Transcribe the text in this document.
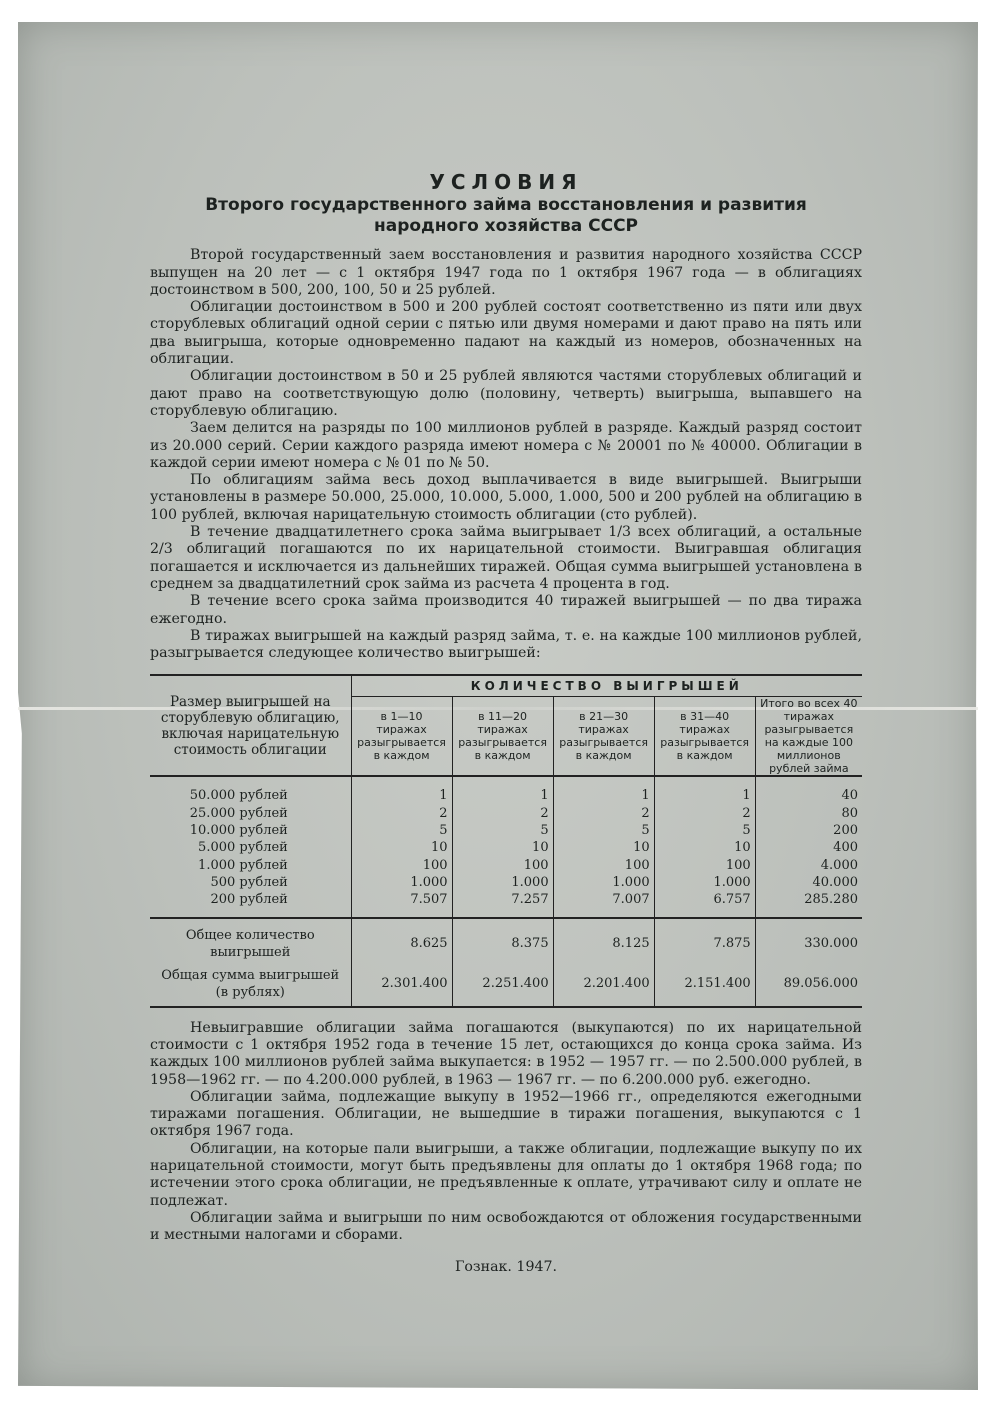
УСЛОВИЯ
Второго государственного займа восстановления и развития народного хозяйства СССР

Второй государственный заем восстановления и развития народного хозяйства СССР выпущен на 20 лет — с 1 октября 1947 года по 1 октября 1967 года — в облигациях достоинством в 500, 200, 100, 50 и 25 рублей.

Облигации достоинством в 500 и 200 рублей состоят соответственно из пяти или двух сторублевых облигаций одной серии с пятью или двумя номерами и дают право на пять или два выигрыша, которые одновременно падают на каждый из номеров, обозначенных на облигации.

Облигации достоинством в 50 и 25 рублей являются частями сторублевых облигаций и дают право на соответствующую долю (половину, четверть) выигрыша, выпавшего на сторублевую облигацию.

Заем делится на разряды по 100 миллионов рублей в разряде. Каждый разряд состоит из 20.000 серий. Серии каждого разряда имеют номера с № 20001 по № 40000. Облигации в каждой серии имеют номера с № 01 по № 50.

По облигациям займа весь доход выплачивается в виде выигрышей. Выигрыши установлены в размере 50.000, 25.000, 10.000, 5.000, 1.000, 500 и 200 рублей на облигацию в 100 рублей, включая нарицательную стоимость облигации (сто рублей).

В течение двадцатилетнего срока займа выигрывает 1/3 всех облигаций, а остальные 2/3 облигаций погашаются по их нарицательной стоимости. Выигравшая облигация погашается и исключается из дальнейших тиражей. Общая сумма выигрышей установлена в среднем за двадцатилетний срок займа из расчета 4 процента в год.

В течение всего срока займа производится 40 тиражей выигрышей — по два тиража ежегодно.

В тиражах выигрышей на каждый разряд займа, т. е. на каждые 100 миллионов рублей, разыгрывается следующее количество выигрышей:

Размер выигрышей на сторублевую облигацию, включая нарицательную стоимость облигации	КОЛИЧЕСТВО ВЫИГРЫШЕЙ				
	в 1—10 тиражах разыгрывается в каждом	в 11—20 тиражах разыгрывается в каждом	в 21—30 тиражах разыгрывается в каждом	в 31—40 тиражах разыгрывается в каждом	Итого во всех 40 тиражах разыгрывается на каждые 100 миллионов рублей займа
50.000 рублей	1	1	1	1	40
25.000 рублей	2	2	2	2	80
10.000 рублей	5	5	5	5	200
5.000 рублей	10	10	10	10	400
1.000 рублей	100	100	100	100	4.000
500 рублей	1.000	1.000	1.000	1.000	40.000
200 рублей	7.507	7.257	7.007	6.757	285.280
Общее количество выигрышей	8.625	8.375	8.125	7.875	330.000
Общая сумма выигрышей (в рублях)	2.301.400	2.251.400	2.201.400	2.151.400	89.056.000

Невыигравшие облигации займа погашаются (выкупаются) по их нарицательной стоимости с 1 октября 1952 года в течение 15 лет, остающихся до конца срока займа. Из каждых 100 миллионов рублей займа выкупается: в 1952 — 1957 гг. — по 2.500.000 рублей, в 1958—1962 гг. — по 4.200.000 рублей, в 1963 — 1967 гг. — по 6.200.000 руб. ежегодно.

Облигации займа, подлежащие выкупу в 1952—1966 гг., определяются ежегодными тиражами погашения. Облигации, не вышедшие в тиражи погашения, выкупаются с 1 октября 1967 года.

Облигации, на которые пали выигрыши, а также облигации, подлежащие выкупу по их нарицательной стоимости, могут быть предъявлены для оплаты до 1 октября 1968 года; по истечении этого срока облигации, не предъявленные к оплате, утрачивают силу и оплате не подлежат.

Облигации займа и выигрыши по ним освобождаются от обложения государственными и местными налогами и сборами.

Гознак. 1947.
